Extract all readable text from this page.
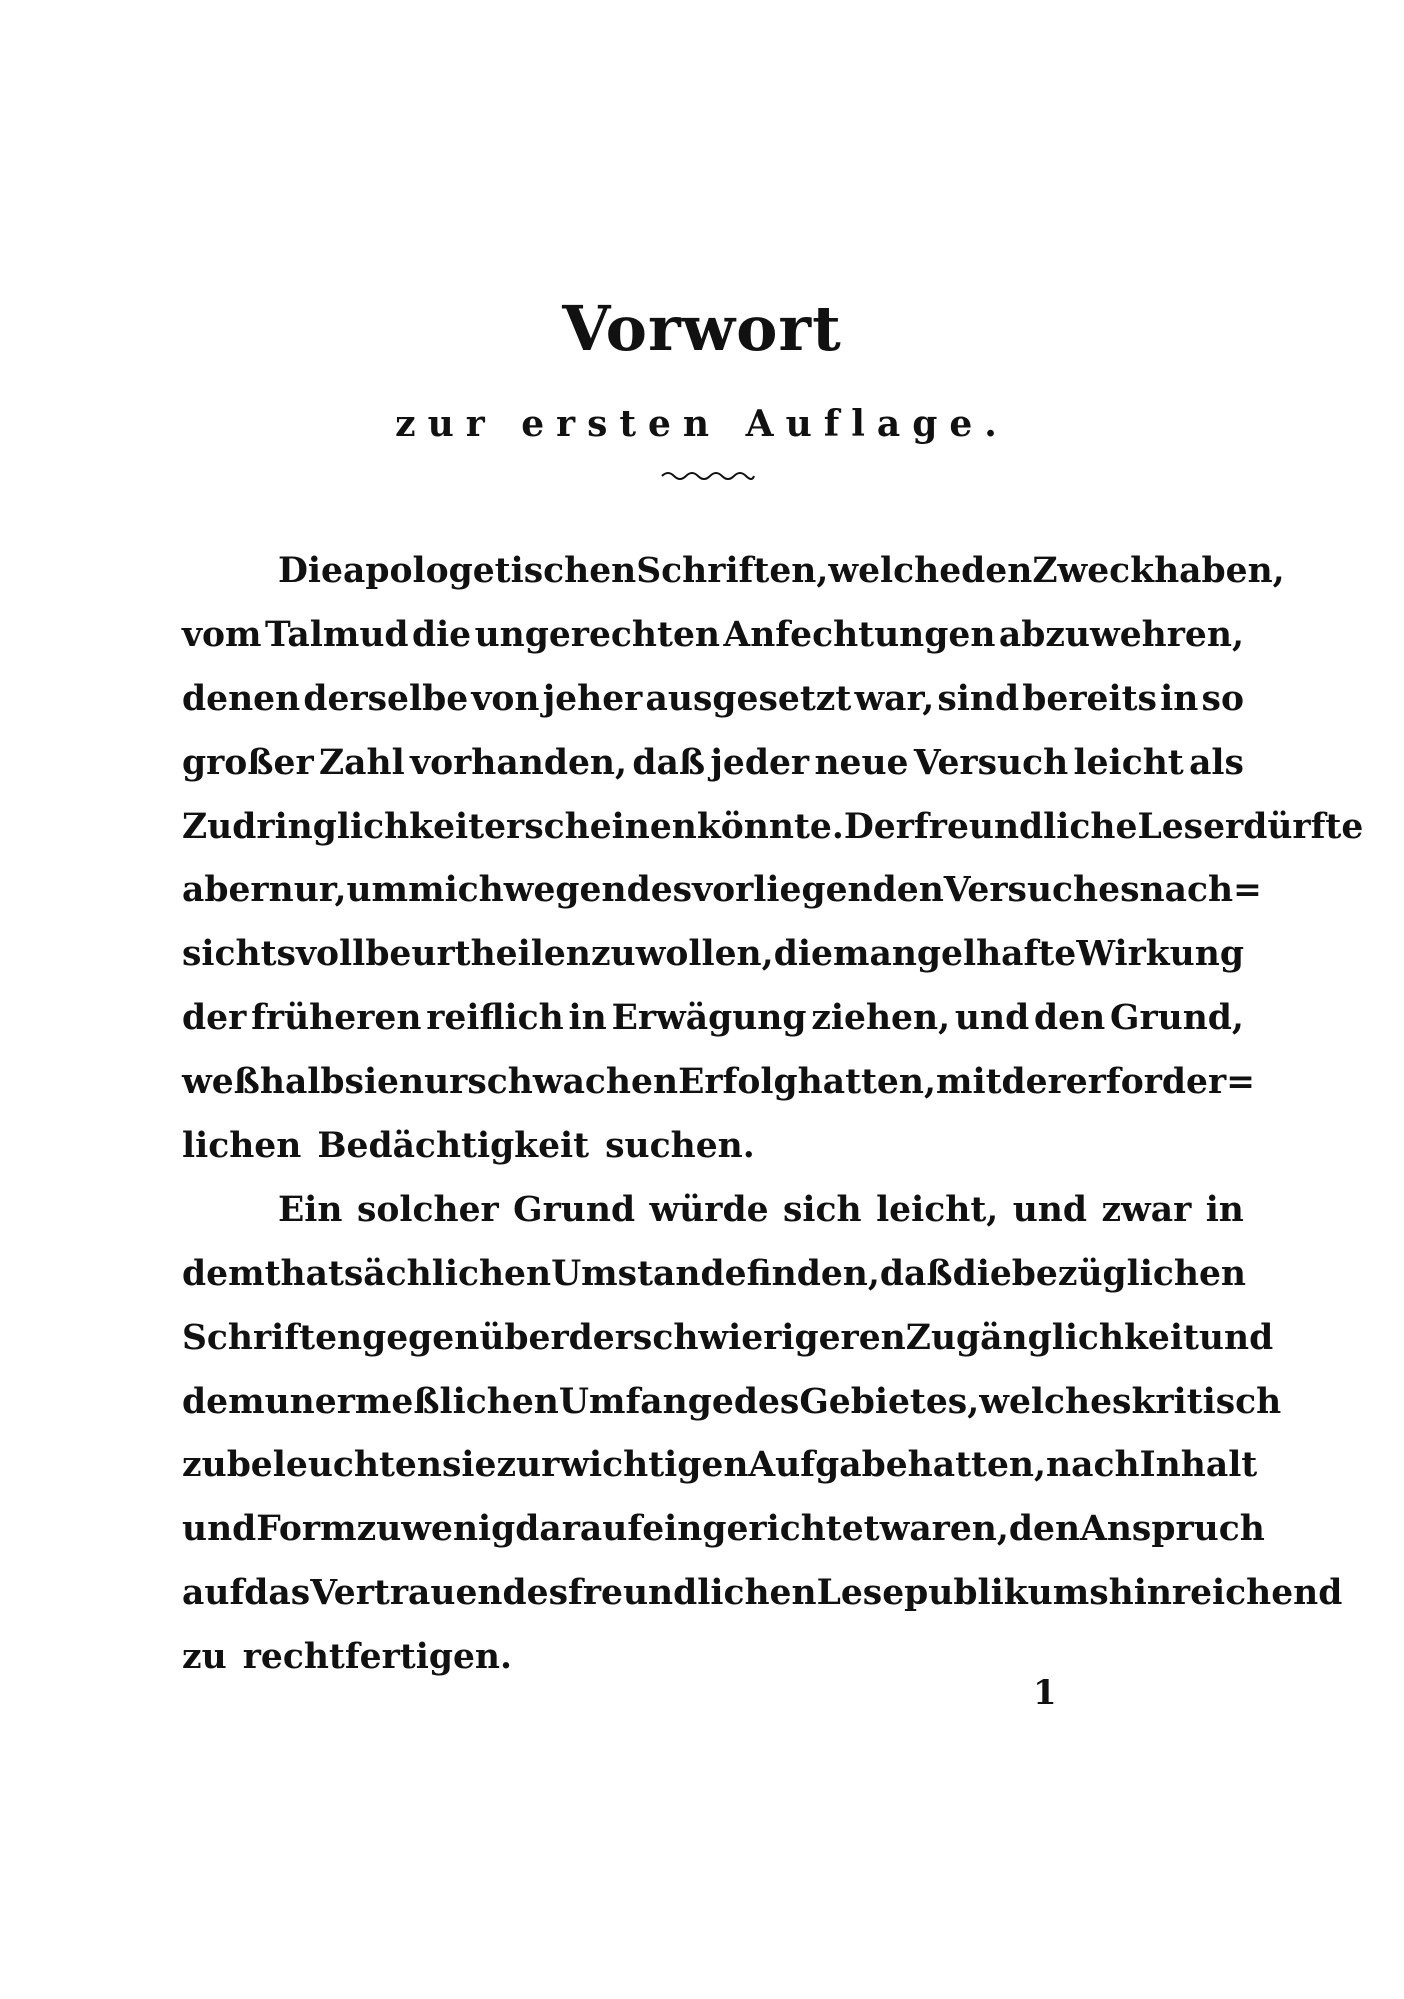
Vorwort
zur ersten Auflage.
Die apologetischen Schriften, welche den Zweck haben,
vom Talmud die ungerechten Anfechtungen abzuwehren,
denen derselbe von jeher ausgesetzt war, sind bereits in so
großer Zahl vorhanden, daß jeder neue Versuch leicht als
Zudringlichkeit erscheinen könnte. Der freundliche Leser dürfte
aber nur, um mich wegen des vorliegenden Versuches nach=
sichtsvoll beurtheilen zu wollen, die mangelhafte Wirkung
der früheren reiflich in Erwägung ziehen, und den Grund,
weßhalb sie nur schwachen Erfolg hatten, mit der erforder=
lichen Bedächtigkeit suchen.
Ein solcher Grund würde sich leicht, und zwar in
dem thatsächlichen Umstande finden, daß die bezüglichen
Schriften gegenüber der schwierigeren Zugänglichkeit und
dem unermeßlichen Umfange des Gebietes, welches kritisch
zu beleuchten sie zur wichtigen Aufgabe hatten, nach Inhalt
und Form zu wenig darauf eingerichtet waren, den Anspruch
auf das Vertrauen des freundlichen Lesepublikums hinreichend
zu rechtfertigen.
1
